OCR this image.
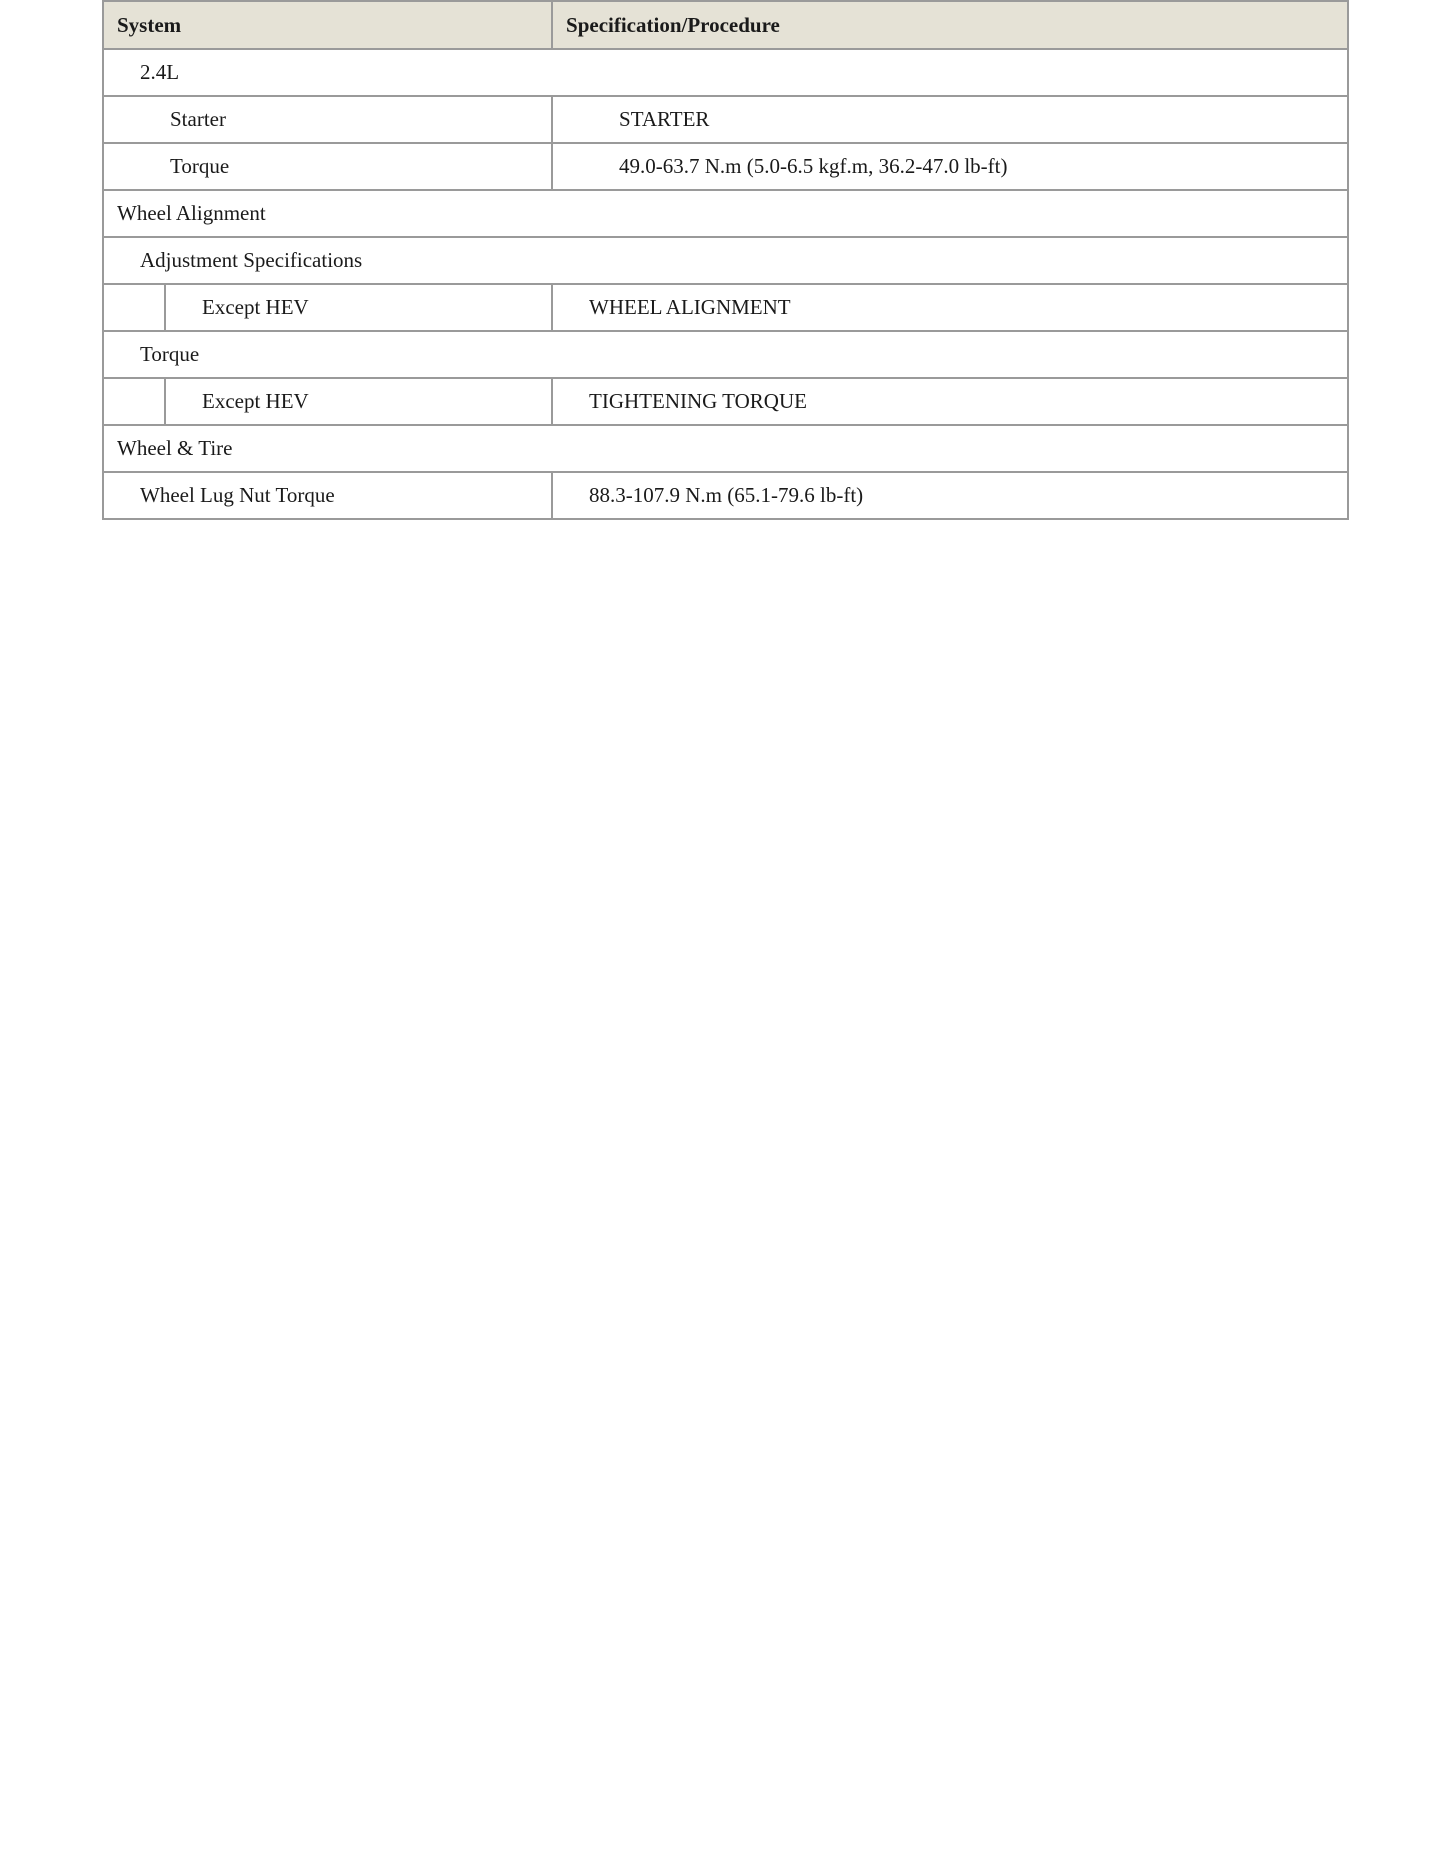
System		Specification/Procedure
2.4L		
Starter		STARTER
Torque		49.0-63.7 N.m (5.0-6.5 kgf.m, 36.2-47.0 lb-ft)
Wheel Alignment		
Adjustment Specifications		
	Except HEV	WHEEL ALIGNMENT
Torque		
	Except HEV	TIGHTENING TORQUE
Wheel & Tire		
Wheel Lug Nut Torque		88.3-107.9 N.m (65.1-79.6 lb-ft)
